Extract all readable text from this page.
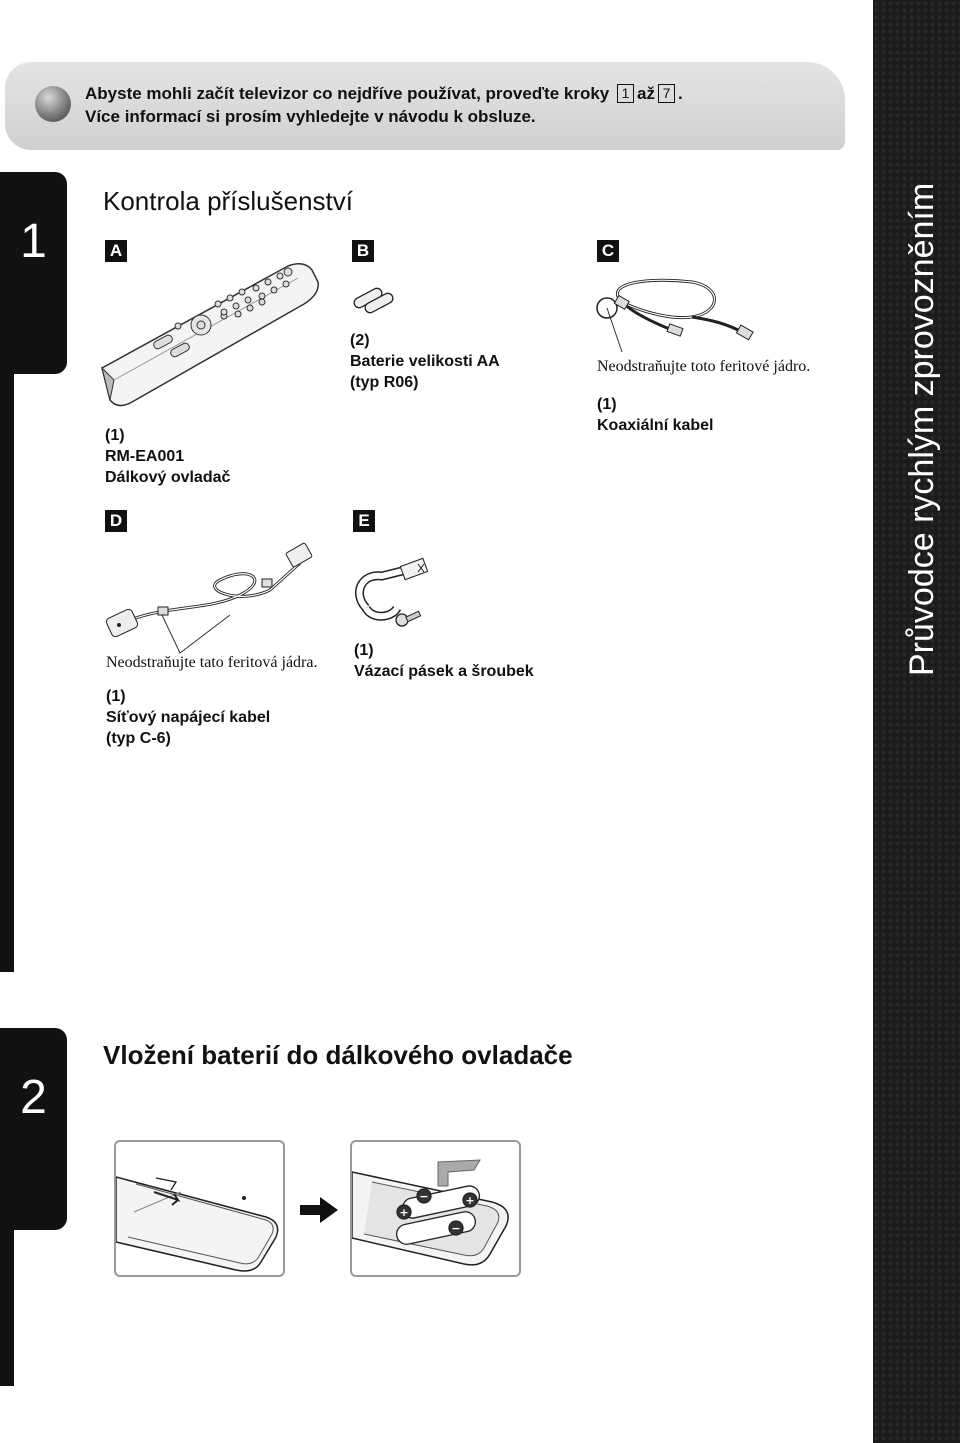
Abyste mohli začít televizor co nejdříve používat, proveďte kroky 1 až 7 .
Více informací si prosím vyhledejte v návodu k obsluze.
Průvodce rychlým zprovozněním
1
Kontrola příslušenství
A
(1)
RM-EA001
Dálkový ovladač
B
(2)
Baterie velikosti AA
(typ R06)
C
Neodstraňujte toto feritové jádro.
(1)
Koaxiální kabel
D
Neodstraňujte tato feritová jádra.
(1)
Síťový napájecí kabel
(typ C-6)
E
(1)
Vázací pásek a šroubek
2
Vložení baterií do dálkového ovladače
−	+
+
−
